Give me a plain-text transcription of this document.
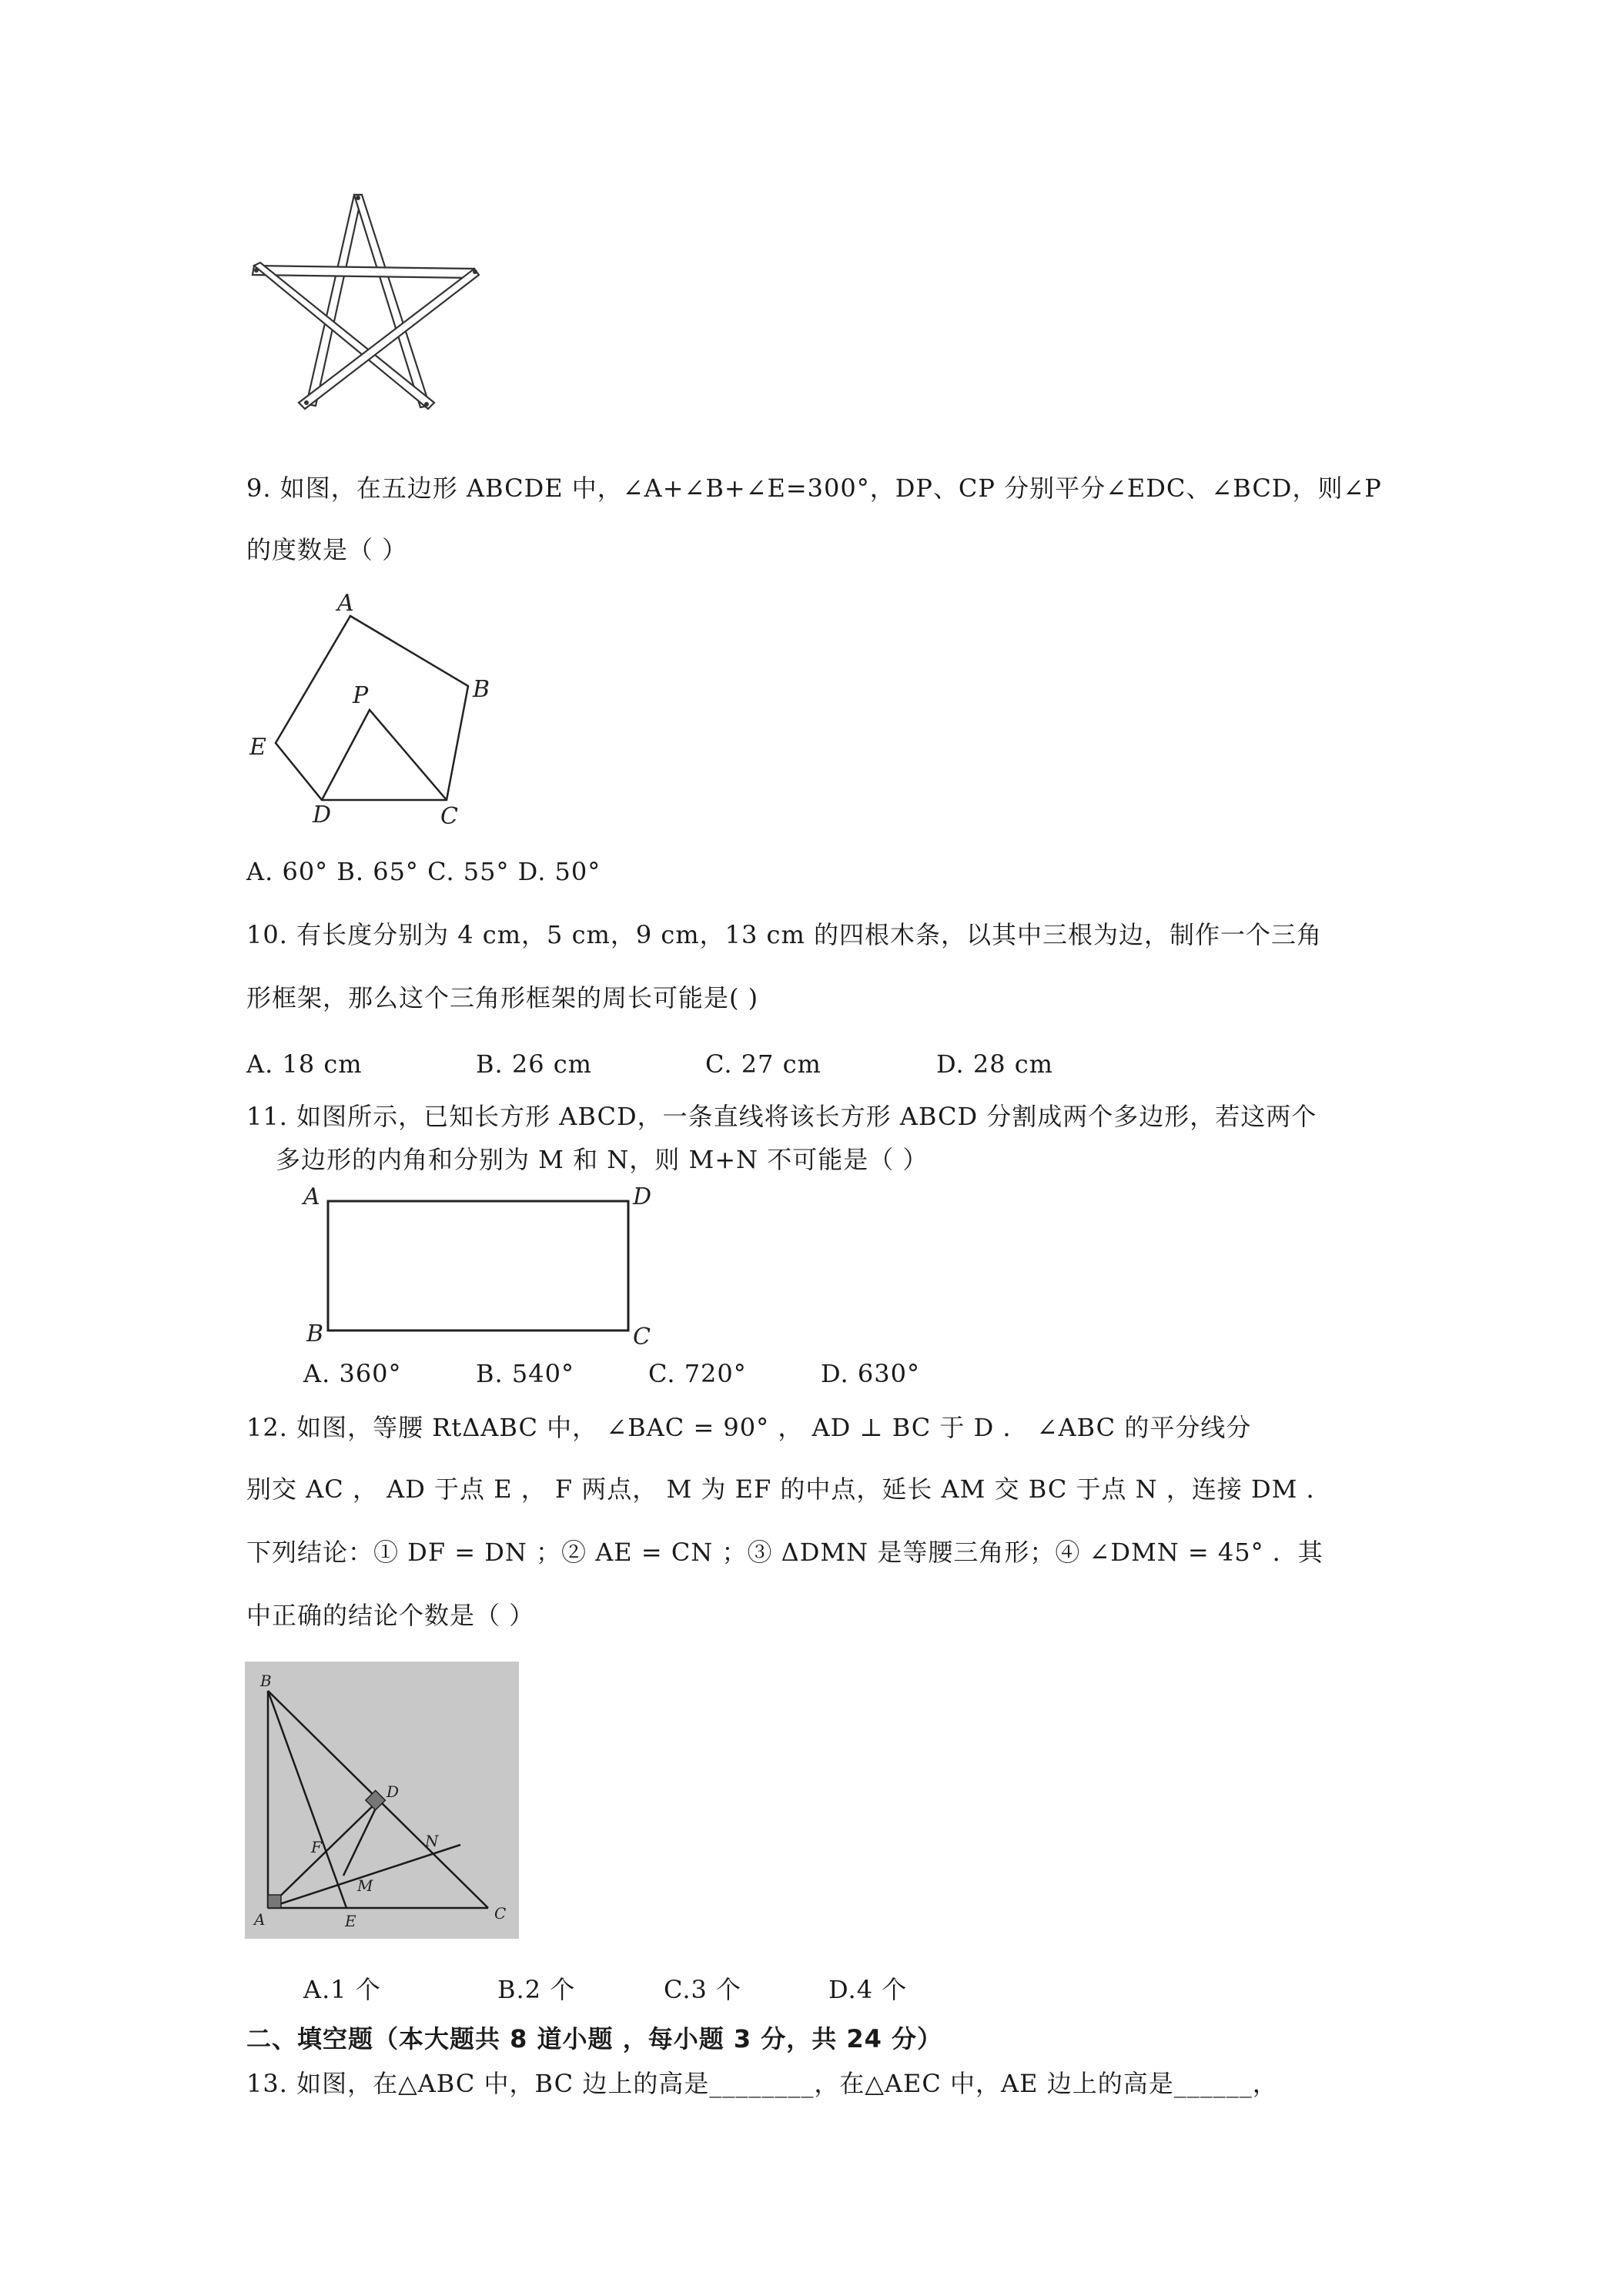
9. 如图，在五边形 ABCDE 中，∠A+∠B+∠E=300°，DP、CP 分别平分∠EDC、∠BCD，则∠P
的度数是（ ）
A
B
P
E
D	C
A. 60° B. 65° C. 55° D. 50°
10. 有长度分别为 4 cm，5 cm，9 cm，13 cm 的四根木条，以其中三根为边，制作一个三角
形框架，那么这个三角形框架的周长可能是( )
A. 18 cm	B. 26 cm	C. 27 cm	D. 28 cm
11. 如图所示，已知长方形 ABCD，一条直线将该长方形 ABCD 分割成两个多边形，若这两个
多边形的内角和分别为 M 和 N，则 M+N 不可能是（ ）
A	D
B	C
A. 360°	B. 540°	C. 720°	D. 630°
12. 如图，等腰 RtΔABC 中， ∠BAC = 90° ， AD ⊥ BC 于 D ． ∠ABC 的平分线分
别交 AC ， AD 于点 E ， F 两点， M 为 EF 的中点，延长 AM 交 BC 于点 N ，连接 DM ．
下列结论：① DF = DN ；② AE = CN ；③ ΔDMN 是等腰三角形；④ ∠DMN = 45° ．其
中正确的结论个数是（ ）
B
D
F	N
M
A	E	C
A.1 个	B.2 个	C.3 个	D.4 个
二、填空题（本大题共 8 道小题 ，每小题 3 分，共 24 分）
13. 如图，在△ABC 中，BC 边上的高是________，在△AEC 中，AE 边上的高是______，
